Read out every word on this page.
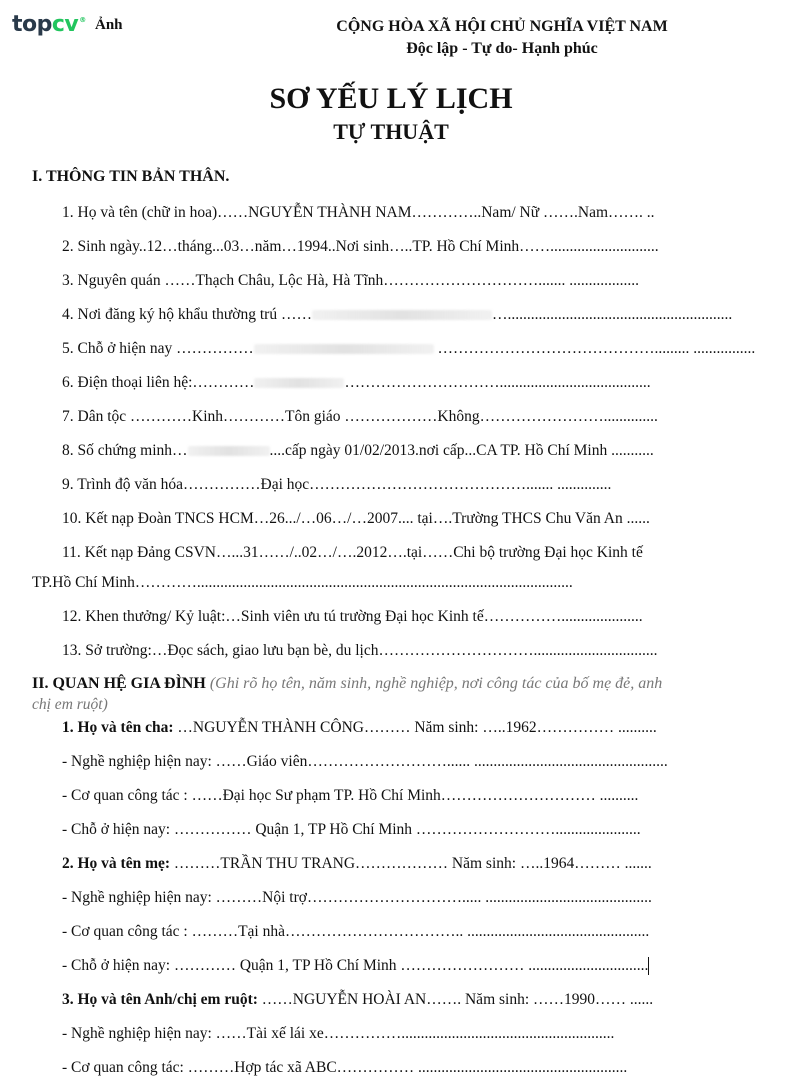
topcv® Ảnh	CỘNG HÒA XÃ HỘI CHỦ NGHĨA VIỆT NAM
Độc lập - Tự do- Hạnh phúc
SƠ YẾU LÝ LỊCH
TỰ THUẬT
I. THÔNG TIN BẢN THÂN.
1. Họ và tên (chữ in hoa)……NGUYỄN THÀNH NAM…………..Nam/ Nữ …….Nam……. ..
2. Sinh ngày..12…tháng...03…năm…1994..Nơi sinh…..TP. Hồ Chí Minh……............................
3. Nguyên quán ……Thạch Châu, Lộc Hà, Hà Tĩnh…………………………....... ..................
4. Nơi đăng ký hộ khẩu thường trú ……	…..........................................................
5. Chỗ ở hiện nay ……………	……………………………………......... ................
6. Điện thoại liên hệ:…………	………………………….......................................
7. Dân tộc …………Kinh…………Tôn giáo ………………Không……………………..............
8. Số chứng minh…	....cấp ngày 01/02/2013.nơi cấp...CA TP. Hồ Chí Minh ...........
9. Trình độ văn hóa……………Đại học……………………………………....... ..............
10. Kết nạp Đoàn TNCS HCM…26.../…06…/…2007.... tại….Trường THCS Chu Văn An ......
11. Kết nạp Đảng CSVN…...31……/..02…/….2012….tại……Chi bộ trường Đại học Kinh tế
TP.Hồ Chí Minh………….................................................................................................
12. Khen thưởng/ Kỷ luật:…Sinh viên ưu tú trường Đại học Kinh tế…………….....................
13. Sở trường:…Đọc sách, giao lưu bạn bè, du lịch…………………………................................
II. QUAN HỆ GIA ĐÌNH (Ghi rõ họ tên, năm sinh, nghề nghiệp, nơi công tác của bố mẹ đẻ, anh
chị em ruột)
1. Họ và tên cha: …NGUYỄN THÀNH CÔNG……… Năm sinh: …..1962…………… ..........
- Nghề nghiệp hiện nay: ……Giáo viên………………………...... ..................................................
- Cơ quan công tác : ……Đại học Sư phạm TP. Hồ Chí Minh………………………… ..........
- Chỗ ở hiện nay: …………… Quận 1, TP Hồ Chí Minh ………………………......................
2. Họ và tên mẹ: ………TRẦN THU TRANG……………… Năm sinh: …..1964……… .......
- Nghề nghiệp hiện nay: ………Nội trợ…………………………..... ...........................................
- Cơ quan công tác : ………Tại nhà…………………………….. ...............................................
- Chỗ ở hiện nay: ………… Quận 1, TP Hồ Chí Minh …………………… ...............................
3. Họ và tên Anh/chị em ruột: ……NGUYỄN HOÀI AN……. Năm sinh: ……1990…… ......
- Nghề nghiệp hiện nay: ……Tài xế lái xe…………….......................................................
- Cơ quan công tác: ………Hợp tác xã ABC…………… ......................................................
